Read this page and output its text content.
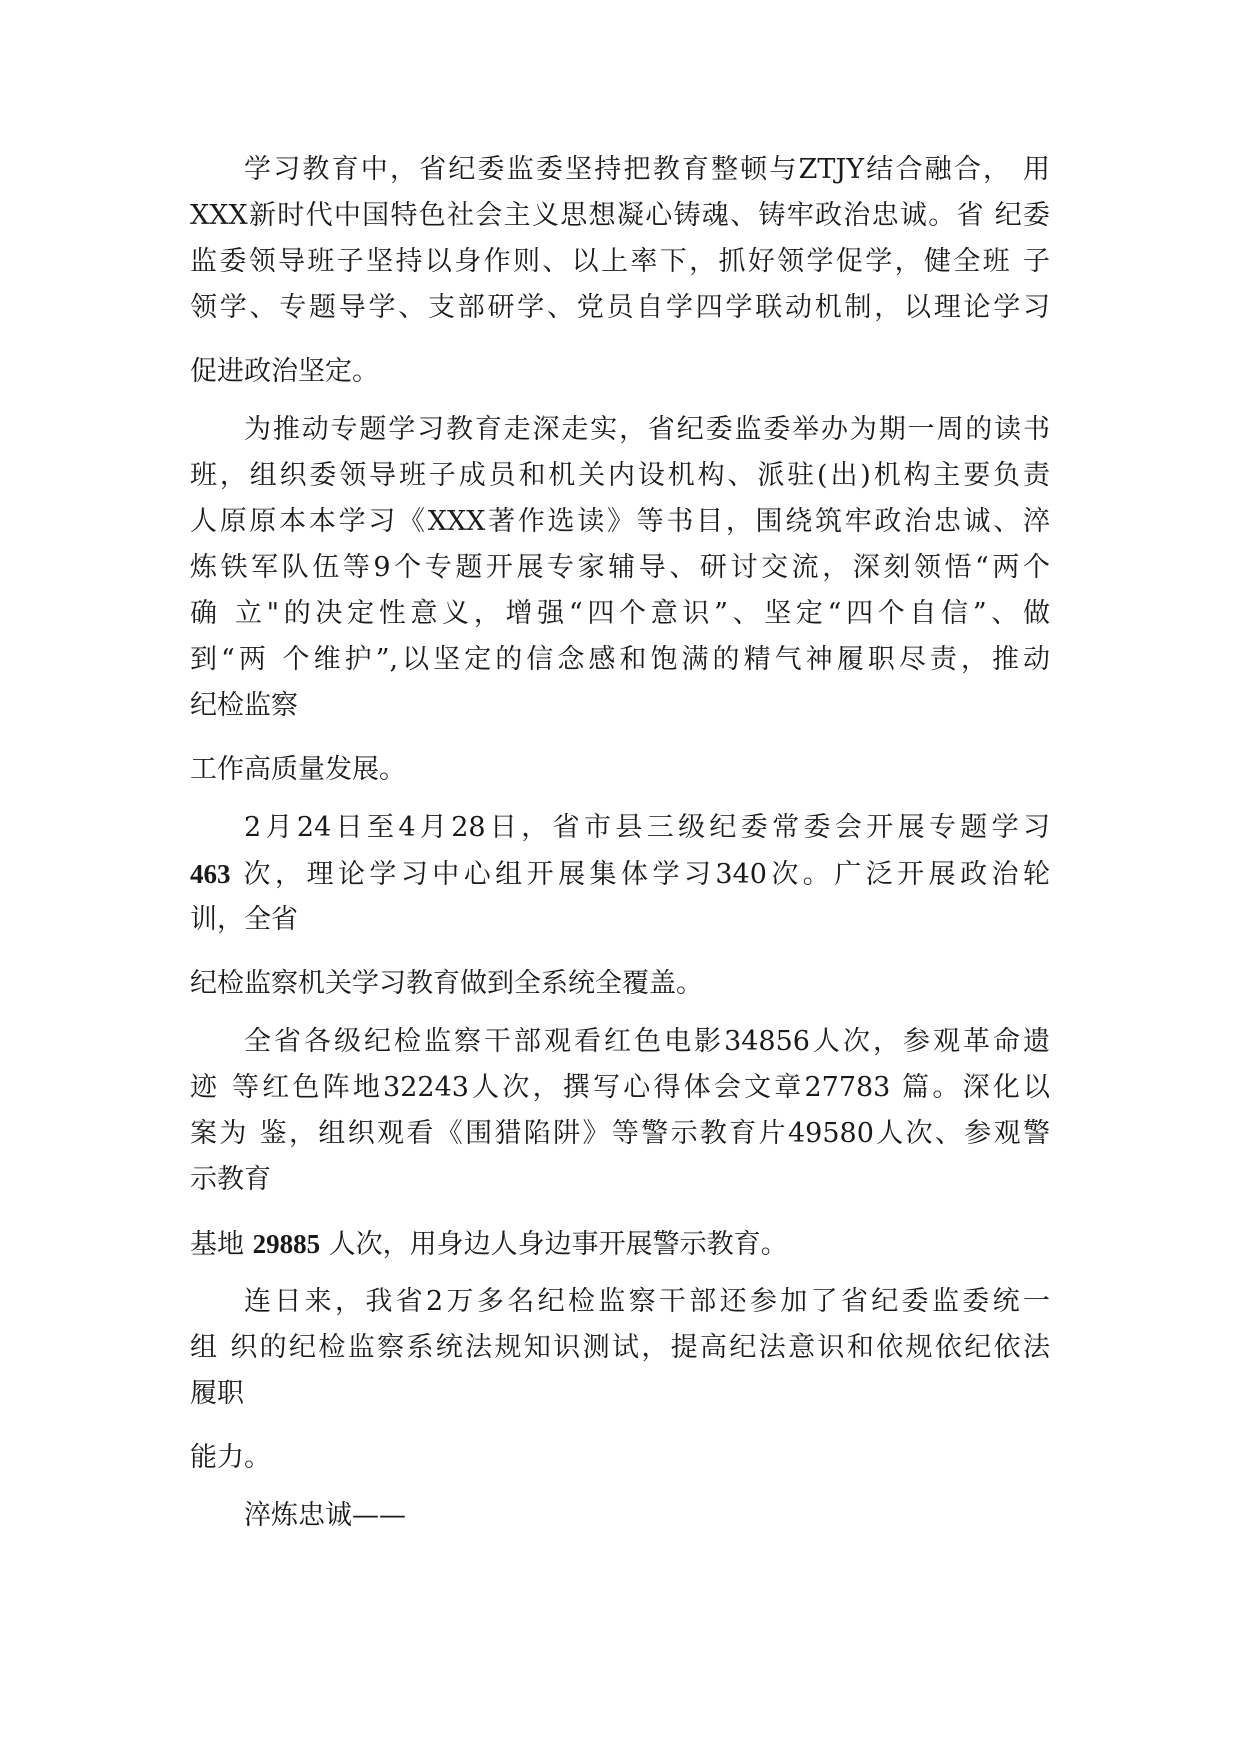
学习教育中，省纪委监委坚持把教育整顿与ZTJY结合融合， 用
XXX新时代中国特色社会主义思想凝心铸魂、铸牢政治忠诚。省 纪委
监委领导班子坚持以身作则、以上率下，抓好领学促学，健全班 子
领学、专题导学、支部研学、党员自学四学联动机制，以理论学习
促进政治坚定。
为推动专题学习教育走深走实，省纪委监委举办为期一周的读书
班，组织委领导班子成员和机关内设机构、派驻(出)机构主要负责
人原原本本学习《XXX著作选读》等书目，围绕筑牢政治忠诚、淬
炼铁军队伍等9个专题开展专家辅导、研讨交流，深刻领悟“两个
确 立"的决定性意义，增强“四个意识”、坚定“四个自信”、做
到“两 个维护”,以坚定的信念感和饱满的精气神履职尽责，推动
纪检监察
工作高质量发展。
2月24日至4月28日，省市县三级纪委常委会开展专题学习
463 次，理论学习中心组开展集体学习340次。广泛开展政治轮
训，全省
纪检监察机关学习教育做到全系统全覆盖。
全省各级纪检监察干部观看红色电影34856人次，参观革命遗
迹 等红色阵地32243人次，撰写心得体会文章27783 篇。深化以
案为 鉴，组织观看《围猎陷阱》等警示教育片49580人次、参观警
示教育
基地 29885 人次，用身边人身边事开展警示教育。
连日来，我省2万多名纪检监察干部还参加了省纪委监委统一
组 织的纪检监察系统法规知识测试，提高纪法意识和依规依纪依法
履职
能力。
淬炼忠诚——
